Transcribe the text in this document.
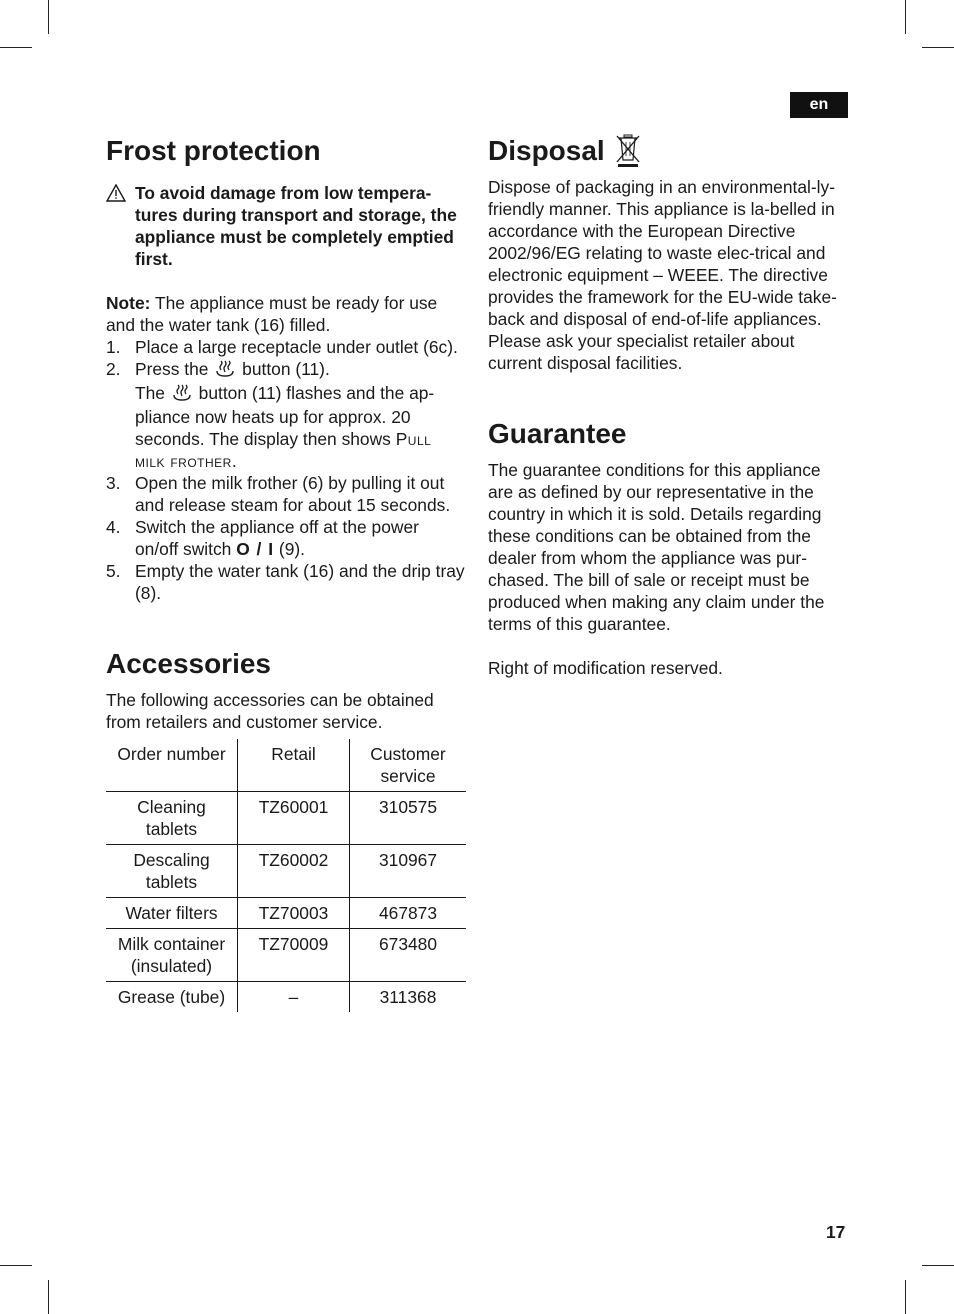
en
Frost protection
To avoid damage from low tempera-tures during transport and storage, the appliance must be completely emptied first.

Note: The appliance must be ready for use and the water tank (16) filled.

1. Place a large receptacle under outlet (6c).
2. Press the button (11).
The button (11) flashes and the ap-pliance now heats up for approx. 20 seconds. The display then shows Pull milk frother.
3. Open the milk frother (6) by pulling it out and release steam for about 15 seconds.
4. Switch the appliance off at the power on/off switch O / I (9).
5. Empty the water tank (16) and the drip tray (8).
Accessories

The following accessories can be obtained from retailers and customer service.

Order number	Retail	Customer service
Cleaning tablets	TZ60001	310575
Descaling tablets	TZ60002	310967
Water filters	TZ70003	467873
Milk container (insulated)	TZ70009	673480
Grease (tube)	–	311368
Disposal

Dispose of packaging in an environmental-ly-friendly manner. This appliance is la-belled in accordance with the European Directive 2002/96/EG relating to waste elec-trical and electronic equipment – WEEE. The directive provides the framework for the EU-wide take-back and disposal of end-of-life appliances. Please ask your specialist retailer about current disposal facilities.

Guarantee

The guarantee conditions for this appliance are as defined by our representative in the country in which it is sold. Details regarding these conditions can be obtained from the dealer from whom the appliance was pur-chased. The bill of sale or receipt must be produced when making any claim under the terms of this guarantee.

Right of modification reserved.

17
